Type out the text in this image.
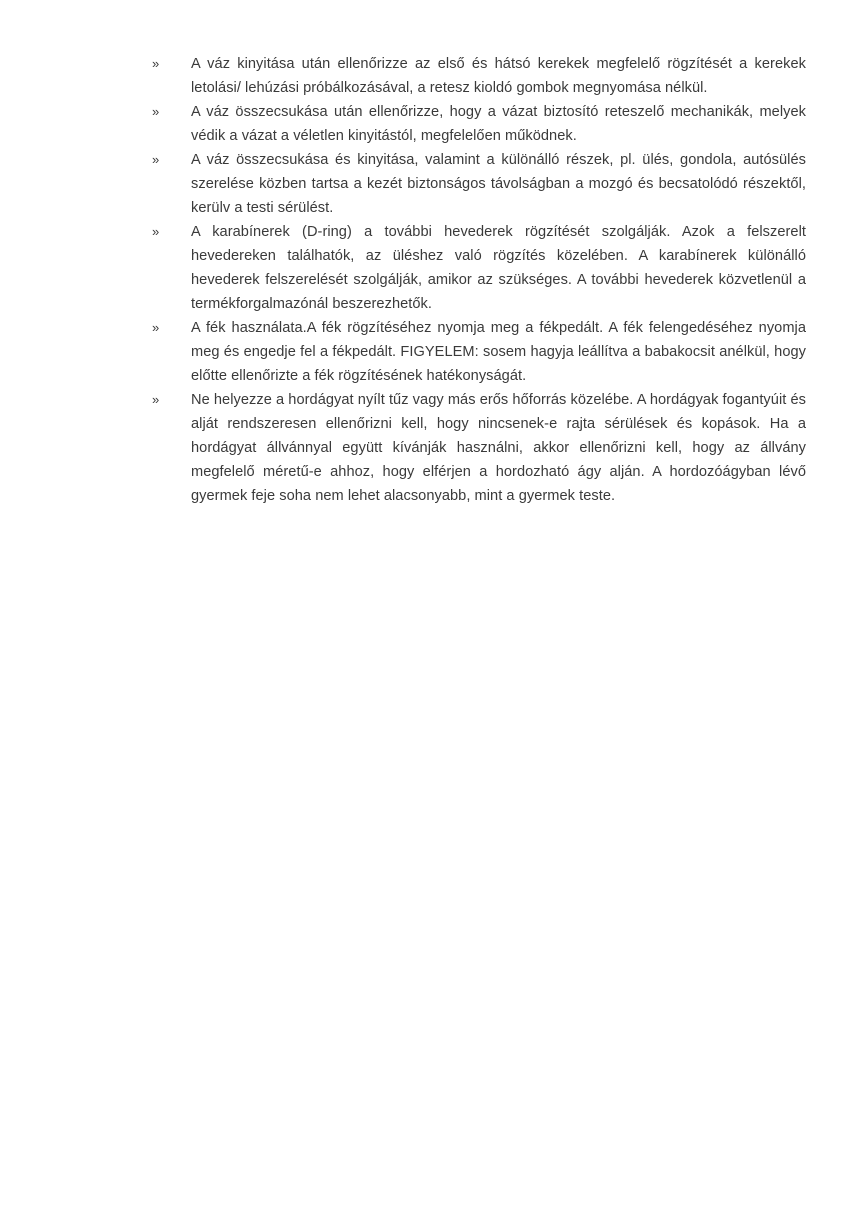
»	A váz kinyitása után ellenőrizze az első és hátsó kerekek megfelelő rögzítését a kerekek letolási/ lehúzási próbálkozásával, a retesz kioldó gombok megnyomása nélkül.
»	A váz összecsukása után ellenőrizze, hogy a vázat biztosító reteszelő mechanikák, melyek védik a vázat a véletlen kinyitástól, megfelelően működnek.
»	A váz összecsukása és kinyitása, valamint a különálló részek, pl. ülés, gondola, autósülés szerelése közben tartsa a kezét biztonságos távolságban a mozgó és becsatolódó részektől, kerülv a testi sérülést.
»	A karabínerek (D-ring) a további hevederek rögzítését szolgálják. Azok a felszerelt hevedereken találhatók, az üléshez való rögzítés közelében. A karabínerek különálló hevederek felszerelését szolgálják, amikor az szükséges. A további hevederek közvetlenül a termékforgalmazónál beszerezhetők.
»	A fék használata.A fék rögzítéséhez nyomja meg a fékpedált. A fék felengedéséhez nyomja meg és engedje fel a fékpedált. FIGYELEM: sosem hagyja leállítva a babakocsit anélkül, hogy előtte ellenőrizte a fék rögzítésének hatékonyságát.
»	Ne helyezze a hordágyat nyílt tűz vagy más erős hőforrás közelébe. A hordágyak fogantyúit és alját rendszeresen ellenőrizni kell, hogy nincsenek-e rajta sérülések és kopások. Ha a hordágyat állvánnyal együtt kívánják használni, akkor ellenőrizni kell, hogy az állvány megfelelő méretű-e ahhoz, hogy elférjen a hordozható ágy alján. A hordozóágyban lévő gyermek feje soha nem lehet alacsonyabb, mint a gyermek teste.
